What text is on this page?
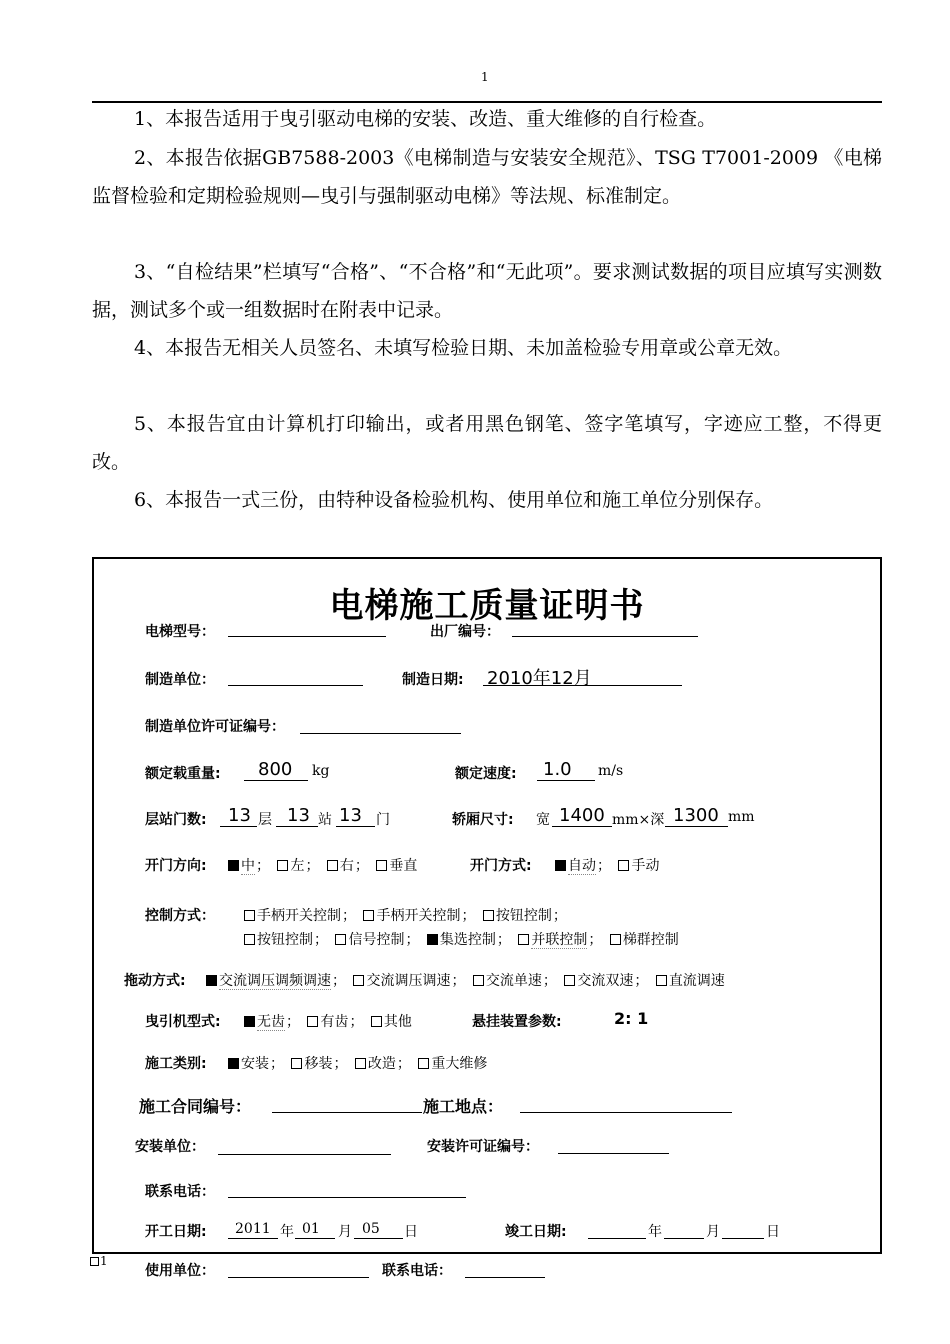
1
1、本报告适用于曳引驱动电梯的安装、改造、重大维修的自行检查。
2、本报告依据GB7588-2003《电梯制造与安装安全规范》、TSG T7001-2009 《电梯监督检验和定期检验规则—曳引与强制驱动电梯》等法规、标准制定。
3、“自检结果”栏填写“合格”、“不合格”和“无此项”。要求测试数据的项目应填写实测数据，测试多个或一组数据时在附表中记录。
4、本报告无相关人员签名、未填写检验日期、未加盖检验专用章或公章无效。
5、本报告宜由计算机打印输出，或者用黑色钢笔、签字笔填写，字迹应工整，不得更改。
6、本报告一式三份，由特种设备检验机构、使用单位和施工单位分别保存。
电梯施工质量证明书
电梯型号：	出厂编号：
制造单位：	制造日期: 2010年12月
制造单位许可证编号：
额定载重量: 800 kg	额定速度: 1.0 m/s
层站门数: 13 层 13 站 13 门	轿厢尺寸: 宽 1400 mm×深 1300 mm
开门方向:	中； 左； 右； 垂直	开门方式:	自动； 手动
控制方式：	手柄开关控制； 手柄开关控制； 按钮控制；
按钮控制； 信号控制； 集选控制； 并联控制； 梯群控制
拖动方式:	交流调压调频调速； 交流调压调速； 交流单速； 交流双速； 直流调速
曳引机型式:	无齿； 有齿； 其他	悬挂装置参数:	2: 1
施工类别:	安装； 移装； 改造； 重大维修
施工合同编号：	施工地点：
安装单位：	安装许可证编号：
联系电话：
开工日期: 2011 年 01 月 05 日	竣工日期:	年	月	日
1
使用单位：	联系电话：
